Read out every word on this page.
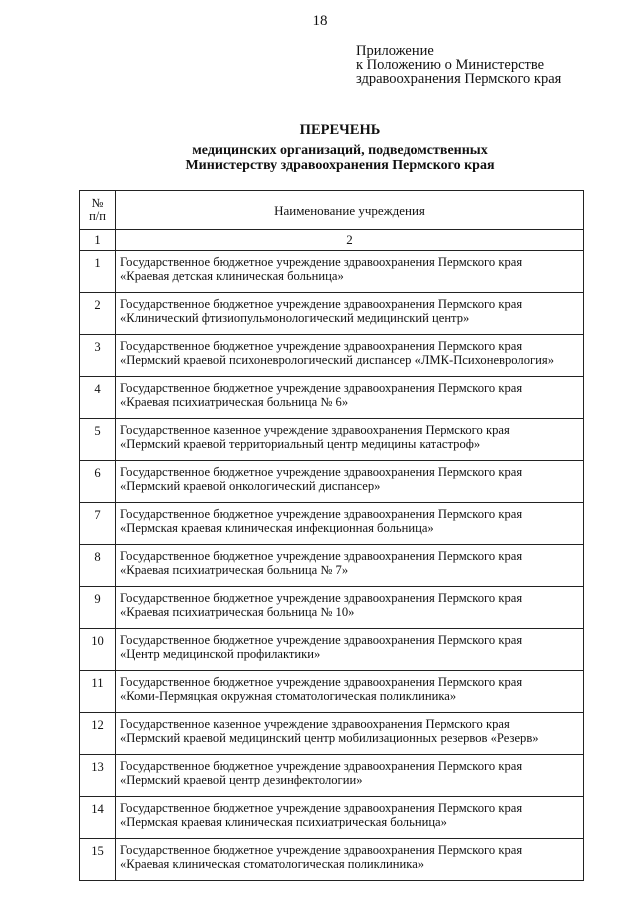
18
Приложение
к Положению о Министерстве
здравоохранения Пермского края
ПЕРЕЧЕНЬ
медицинских организаций, подведомственных
Министерству здравоохранения Пермского края
№
п/п	Наименование учреждения
1	2
1	Государственное бюджетное учреждение здравоохранения Пермского края
«Краевая детская клиническая больница»

2	Государственное бюджетное учреждение здравоохранения Пермского края
«Клинический фтизиопульмонологический медицинский центр»

3	Государственное бюджетное учреждение здравоохранения Пермского края
«Пермский краевой психоневрологический диспансер «ЛМК-Психоневрология»

4	Государственное бюджетное учреждение здравоохранения Пермского края
«Краевая психиатрическая больница № 6»

5	Государственное казенное учреждение здравоохранения Пермского края
«Пермский краевой территориальный центр медицины катастроф»

6	Государственное бюджетное учреждение здравоохранения Пермского края
«Пермский краевой онкологический диспансер»

7	Государственное бюджетное учреждение здравоохранения Пермского края
«Пермская краевая клиническая инфекционная больница»

8	Государственное бюджетное учреждение здравоохранения Пермского края
«Краевая психиатрическая больница № 7»

9	Государственное бюджетное учреждение здравоохранения Пермского края
«Краевая психиатрическая больница № 10»

10	Государственное бюджетное учреждение здравоохранения Пермского края
«Центр медицинской профилактики»

11	Государственное бюджетное учреждение здравоохранения Пермского края
«Коми-Пермяцкая окружная стоматологическая поликлиника»

12	Государственное казенное учреждение здравоохранения Пермского края
«Пермский краевой медицинский центр мобилизационных резервов «Резерв»

13	Государственное бюджетное учреждение здравоохранения Пермского края
«Пермский краевой центр дезинфектологии»

14	Государственное бюджетное учреждение здравоохранения Пермского края
«Пермская краевая клиническая психиатрическая больница»

15	Государственное бюджетное учреждение здравоохранения Пермского края
«Краевая клиническая стоматологическая поликлиника»
